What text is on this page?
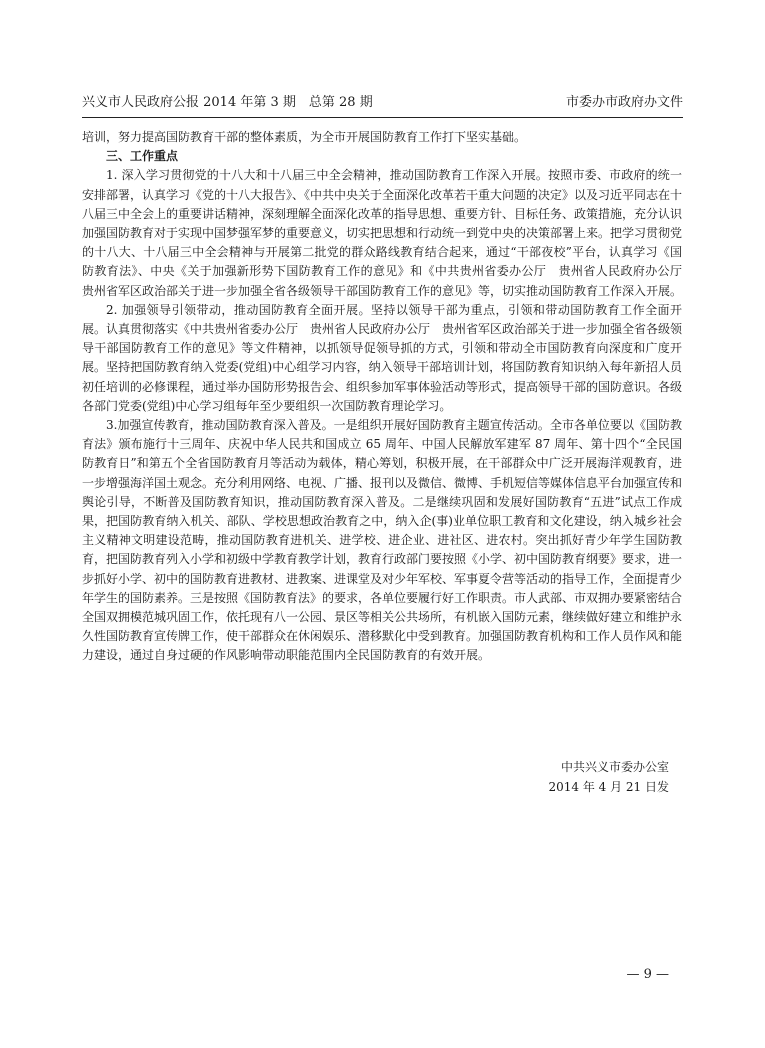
兴义市人民政府公报 2014 年第 3 期　总第 28 期	市委办市政府办文件

培训，努力提高国防教育干部的整体素质，为全市开展国防教育工作打下坚实基础。

三、工作重点

1. 深入学习贯彻党的十八大和十八届三中全会精神，推动国防教育工作深入开展。按照市委、市政府的统一安排部署，认真学习《党的十八大报告》、《中共中央关于全面深化改革若干重大问题的决定》以及习近平同志在十八届三中全会上的重要讲话精神，深刻理解全面深化改革的指导思想、重要方针、目标任务、政策措施，充分认识加强国防教育对于实现中国梦强军梦的重要意义，切实把思想和行动统一到党中央的决策部署上来。把学习贯彻党的十八大、十八届三中全会精神与开展第二批党的群众路线教育结合起来，通过“干部夜校”平台，认真学习《国防教育法》、中央《关于加强新形势下国防教育工作的意见》和《中共贵州省委办公厅　贵州省人民政府办公厅　贵州省军区政治部关于进一步加强全省各级领导干部国防教育工作的意见》等，切实推动国防教育工作深入开展。

2. 加强领导引领带动，推动国防教育全面开展。坚持以领导干部为重点，引领和带动国防教育工作全面开展。认真贯彻落实《中共贵州省委办公厅　贵州省人民政府办公厅　贵州省军区政治部关于进一步加强全省各级领导干部国防教育工作的意见》等文件精神，以抓领导促领导抓的方式，引领和带动全市国防教育向深度和广度开展。坚持把国防教育纳入党委(党组)中心组学习内容，纳入领导干部培训计划，将国防教育知识纳入每年新招人员初任培训的必修课程，通过举办国防形势报告会、组织参加军事体验活动等形式，提高领导干部的国防意识。各级各部门党委(党组)中心学习组每年至少要组织一次国防教育理论学习。

3.加强宣传教育，推动国防教育深入普及。一是组织开展好国防教育主题宣传活动。全市各单位要以《国防教育法》颁布施行十三周年、庆祝中华人民共和国成立 65 周年、中国人民解放军建军 87 周年、第十四个“全民国防教育日”和第五个全省国防教育月等活动为载体，精心筹划，积极开展，在干部群众中广泛开展海洋观教育，进一步增强海洋国土观念。充分利用网络、电视、广播、报刊以及微信、微博、手机短信等媒体信息平台加强宣传和舆论引导，不断普及国防教育知识，推动国防教育深入普及。二是继续巩固和发展好国防教育“五进”试点工作成果，把国防教育纳入机关、部队、学校思想政治教育之中，纳入企(事)业单位职工教育和文化建设，纳入城乡社会主义精神文明建设范畴，推动国防教育进机关、进学校、进企业、进社区、进农村。突出抓好青少年学生国防教育，把国防教育列入小学和初级中学教育教学计划，教育行政部门要按照《小学、初中国防教育纲要》要求，进一步抓好小学、初中的国防教育进教材、进教案、进课堂及对少年军校、军事夏令营等活动的指导工作，全面提青少年学生的国防素养。三是按照《国防教育法》的要求，各单位要履行好工作职责。市人武部、市双拥办要紧密结合全国双拥模范城巩固工作，依托现有八一公园、景区等相关公共场所，有机嵌入国防元素，继续做好建立和维护永久性国防教育宣传牌工作，使干部群众在休闲娱乐、潜移默化中受到教育。加强国防教育机构和工作人员作风和能力建设，通过自身过硬的作风影响带动职能范围内全民国防教育的有效开展。

中共兴义市委办公室
2014 年 4 月 21 日发
— 9 —
